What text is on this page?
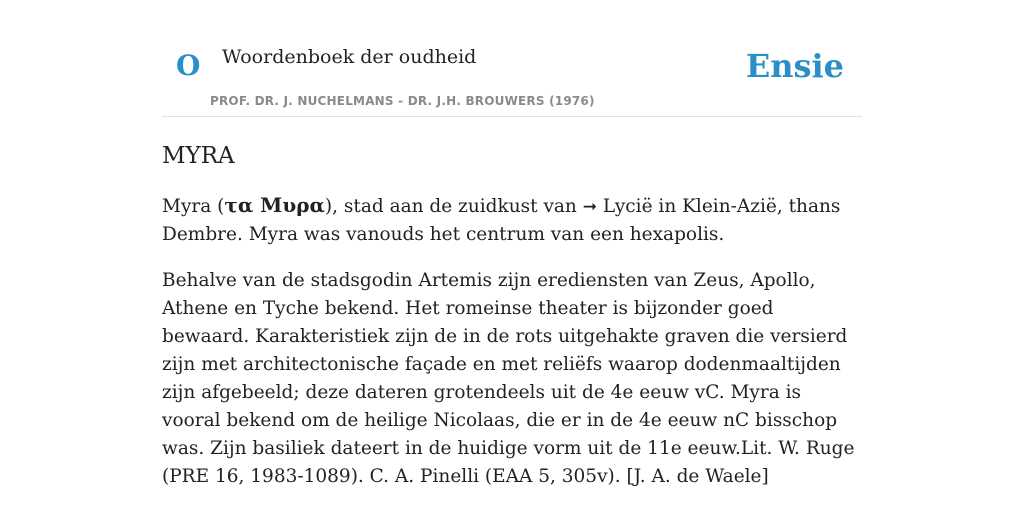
O Woordenboek der oudheid
PROF. DR. J. NUCHELMANS - DR. J.H. BROUWERS (1976)
Ensie
MYRA

Myra (τα Μυρα), stad aan de zuidkust van ➞ Lycië in Klein-Azië, thans Dembre. Myra was vanouds het centrum van een hexapolis.

Behalve van de stadsgodin Artemis zijn erediensten van Zeus, Apollo, Athene en Tyche bekend. Het romeinse theater is bijzonder goed bewaard. Karakteristiek zijn de in de rots uitgehakte graven die versierd zijn met architectonische façade en met reliëfs waarop dodenmaaltijden zijn afgebeeld; deze dateren grotendeels uit de 4e eeuw vC. Myra is vooral bekend om de heilige Nicolaas, die er in de 4e eeuw nC bisschop was. Zijn basiliek dateert in de huidige vorm uit de 11e eeuw.Lit. W. Ruge (PRE 16, 1983-1089). C. A. Pinelli (EAA 5, 305v). [J. A. de Waele]
